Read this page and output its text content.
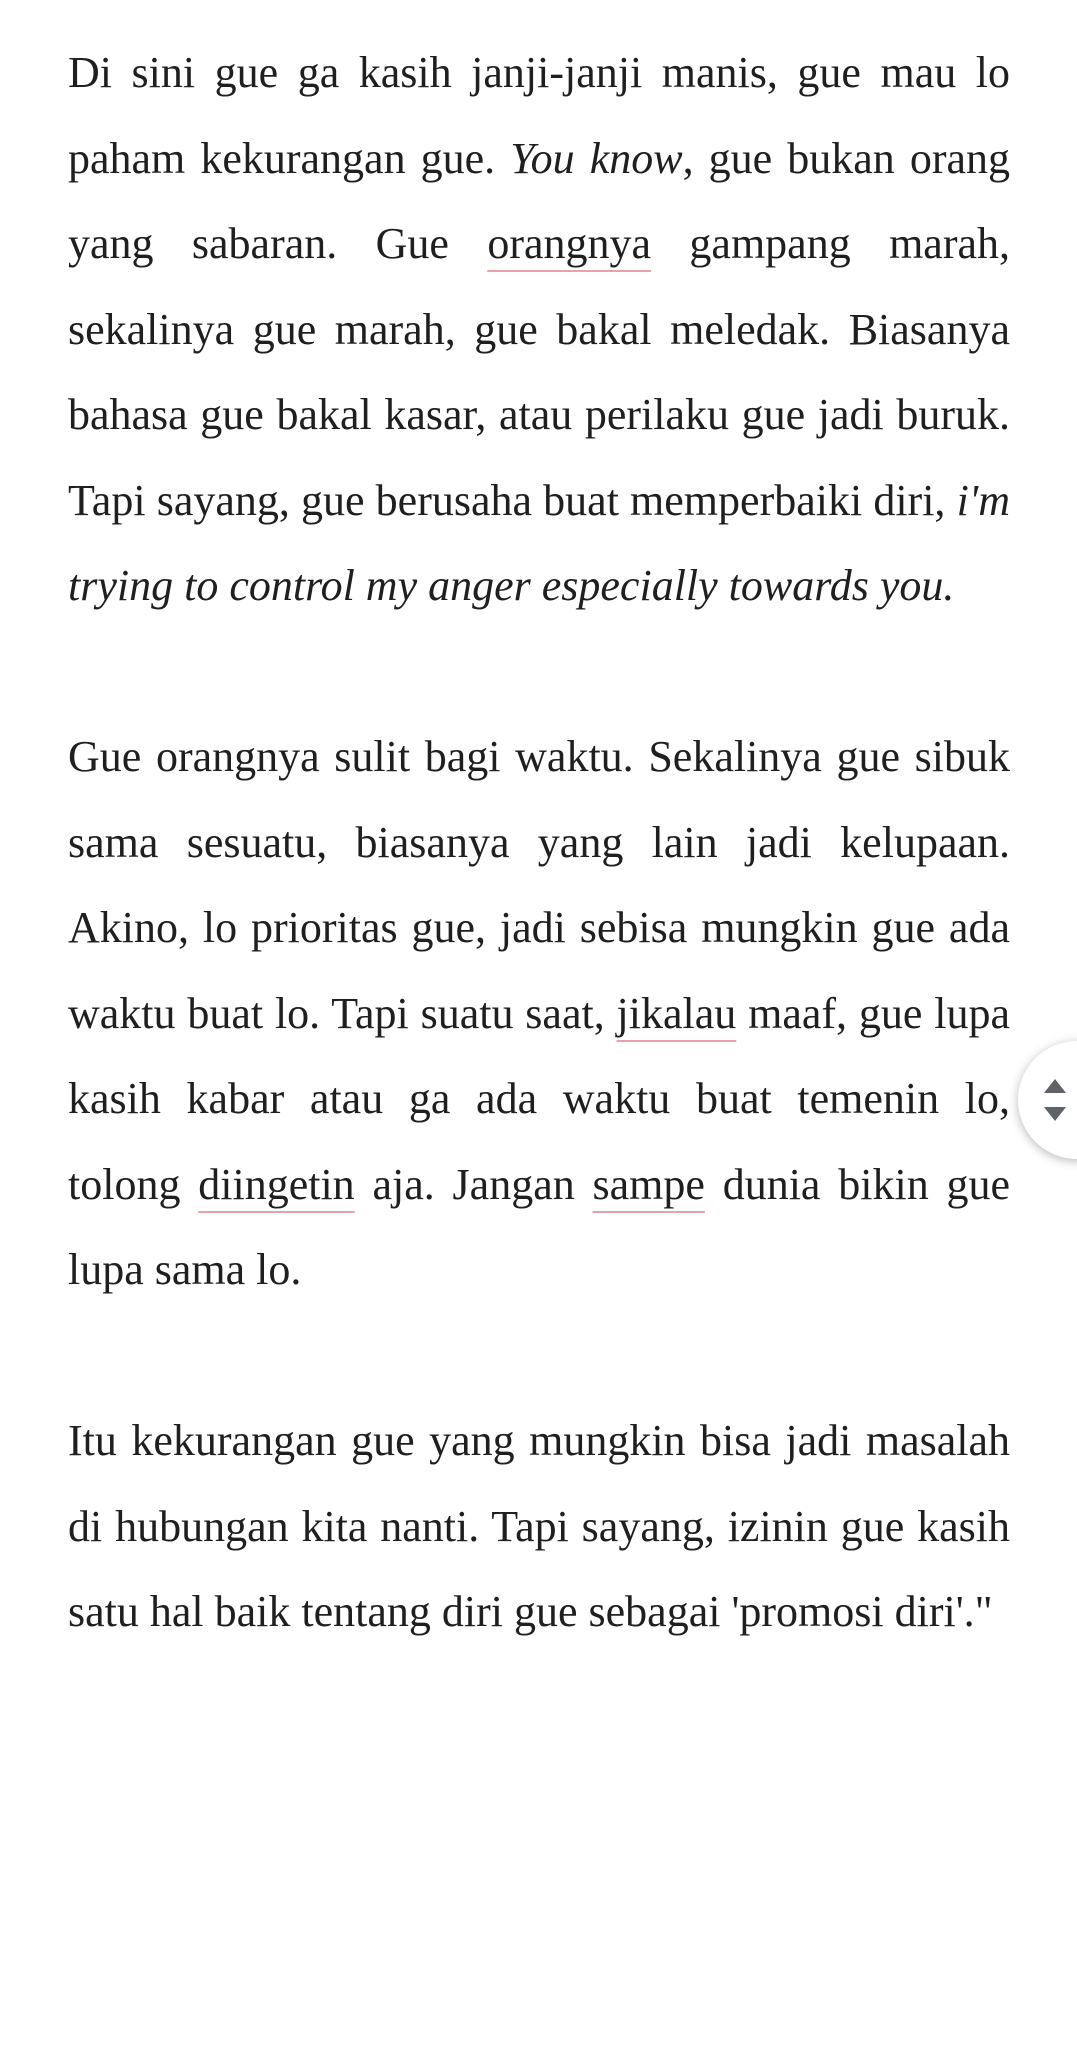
Di sini gue ga kasih janji-janji manis, gue mau lo paham kekurangan gue. You know, gue bukan orang yang sabaran. Gue orangnya gampang marah, sekalinya gue marah, gue bakal meledak. Biasanya bahasa gue bakal kasar, atau perilaku gue jadi buruk. Tapi sayang, gue berusaha buat memperbaiki diri, i'm trying to control my anger especially towards you.

Gue orangnya sulit bagi waktu. Sekalinya gue sibuk sama sesuatu, biasanya yang lain jadi kelupaan. Akino, lo prioritas gue, jadi sebisa mungkin gue ada waktu buat lo. Tapi suatu saat, jikalau maaf, gue lupa kasih kabar atau ga ada waktu buat temenin lo, tolong diingetin aja. Jangan sampe dunia bikin gue lupa sama lo.

Itu kekurangan gue yang mungkin bisa jadi masalah di hubungan kita nanti. Tapi sayang, izinin gue kasih satu hal baik tentang diri gue sebagai 'promosi diri'."
